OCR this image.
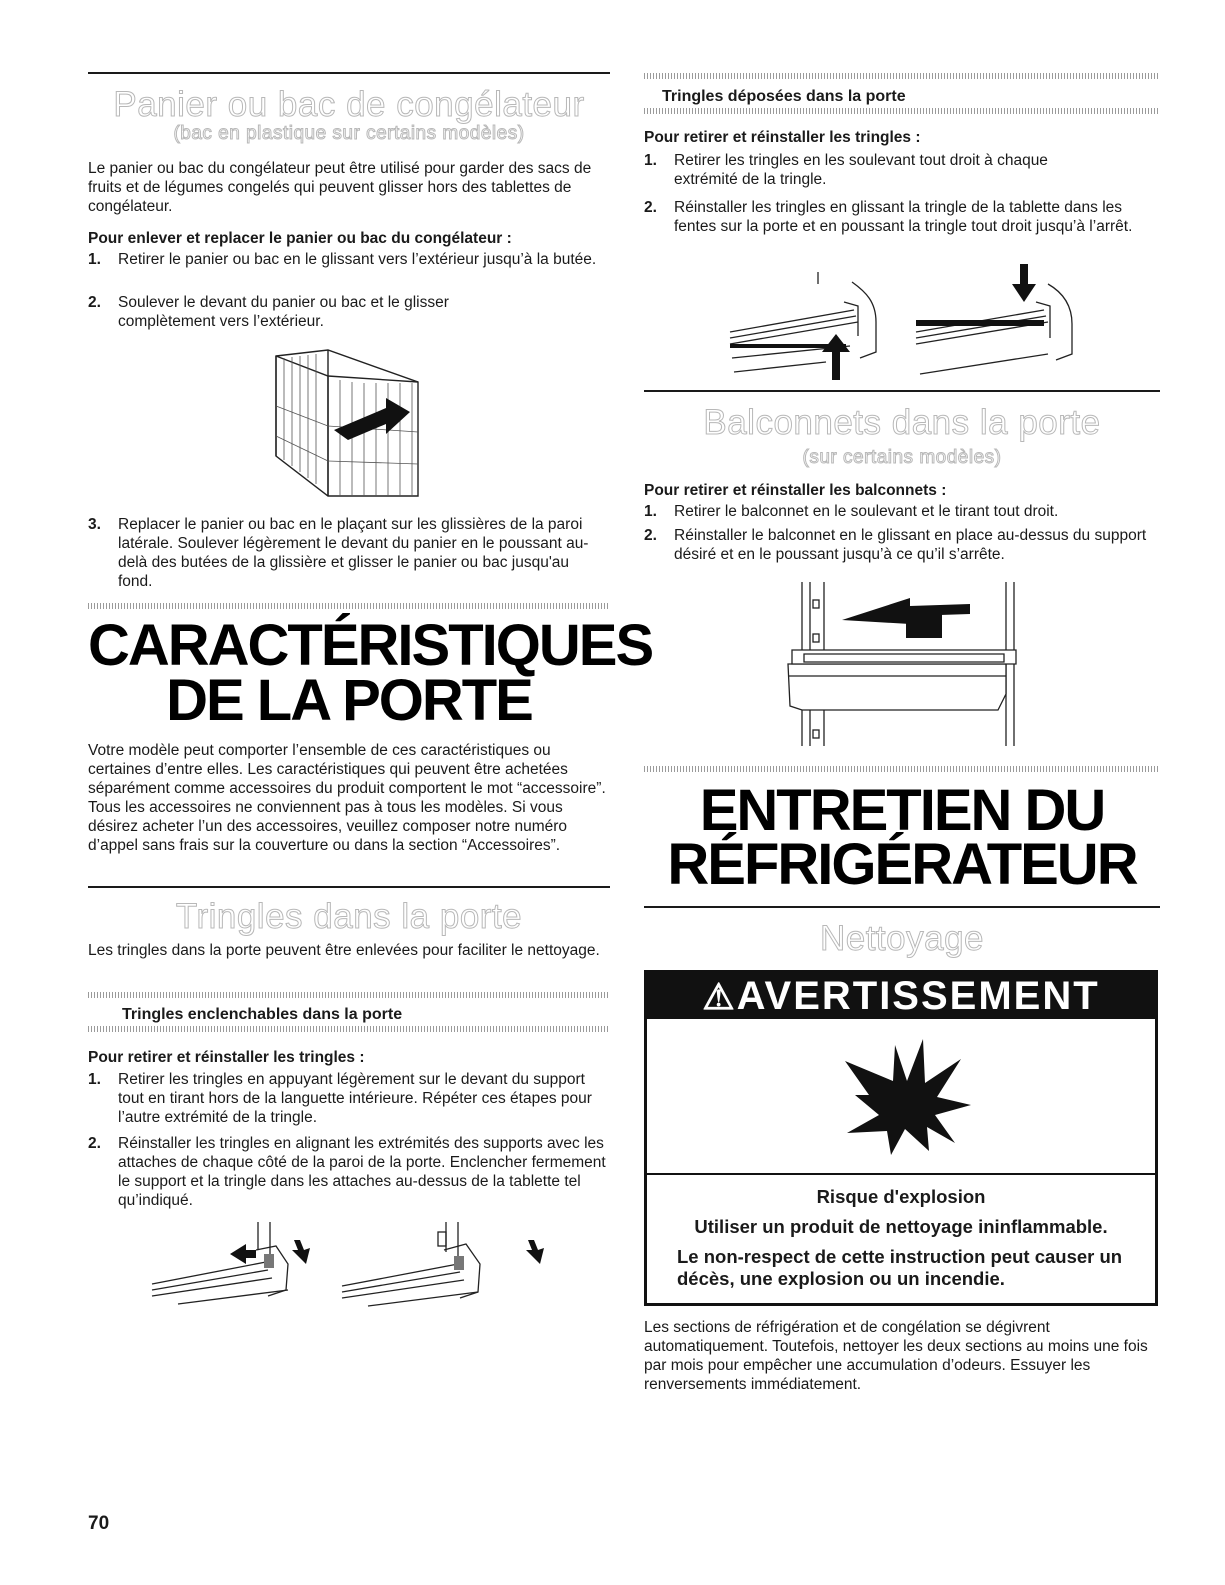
Panier ou bac de congélateur
(bac en plastique sur certains modèles)
Le panier ou bac du congélateur peut être utilisé pour garder des sacs de fruits et de légumes congelés qui peuvent glisser hors des tablettes de congélateur.
Pour enlever et replacer le panier ou bac du congélateur :
1. Retirer le panier ou bac en le glissant vers l’extérieur jusqu’à la butée.
2. Soulever le devant du panier ou bac et le glisser complètement vers l’extérieur.
3. Replacer le panier ou bac en le plaçant sur les glissières de la paroi latérale. Soulever légèrement le devant du panier en le poussant au-delà des butées de la glissière et glisser le panier ou bac jusqu'au fond.
CARACTÉRISTIQUES
DE LA PORTE
Votre modèle peut comporter l’ensemble de ces caractéristiques ou certaines d’entre elles. Les caractéristiques qui peuvent être achetées séparément comme accessoires du produit comportent le mot “accessoire”. Tous les accessoires ne conviennent pas à tous les modèles. Si vous désirez acheter l’un des accessoires, veuillez composer notre numéro d’appel sans frais sur la couverture ou dans la section “Accessoires”.
Tringles dans la porte
Les tringles dans la porte peuvent être enlevées pour faciliter le nettoyage.
Tringles enclenchables dans la porte
Pour retirer et réinstaller les tringles :
1. Retirer les tringles en appuyant légèrement sur le devant du support tout en tirant hors de la languette intérieure. Répéter ces étapes pour l’autre extrémité de la tringle.
2. Réinstaller les tringles en alignant les extrémités des supports avec les attaches de chaque côté de la paroi de la porte. Enclencher fermement le support et la tringle dans les attaches au-dessus de la tablette tel qu’indiqué.
70
Tringles déposées dans la porte
Pour retirer et réinstaller les tringles :
1. Retirer les tringles en les soulevant tout droit à chaque extrémité de la tringle.
2. Réinstaller les tringles en glissant la tringle de la tablette dans les fentes sur la porte et en poussant la tringle tout droit jusqu’à l’arrêt.
Balconnets dans la porte
(sur certains modèles)
Pour retirer et réinstaller les balconnets :
1. Retirer le balconnet en le soulevant et le tirant tout droit.
2. Réinstaller le balconnet en le glissant en place au-dessus du support désiré et en le poussant jusqu’à ce qu’il s’arrête.
ENTRETIEN DU
RÉFRIGÉRATEUR
Nettoyage
⚠AVERTISSEMENT
Risque d'explosion
Utiliser un produit de nettoyage ininflammable.
Le non-respect de cette instruction peut causer un décès, une explosion ou un incendie.
Les sections de réfrigération et de congélation se dégivrent automatiquement. Toutefois, nettoyer les deux sections au moins une fois par mois pour empêcher une accumulation d’odeurs. Essuyer les renversements immédiatement.
